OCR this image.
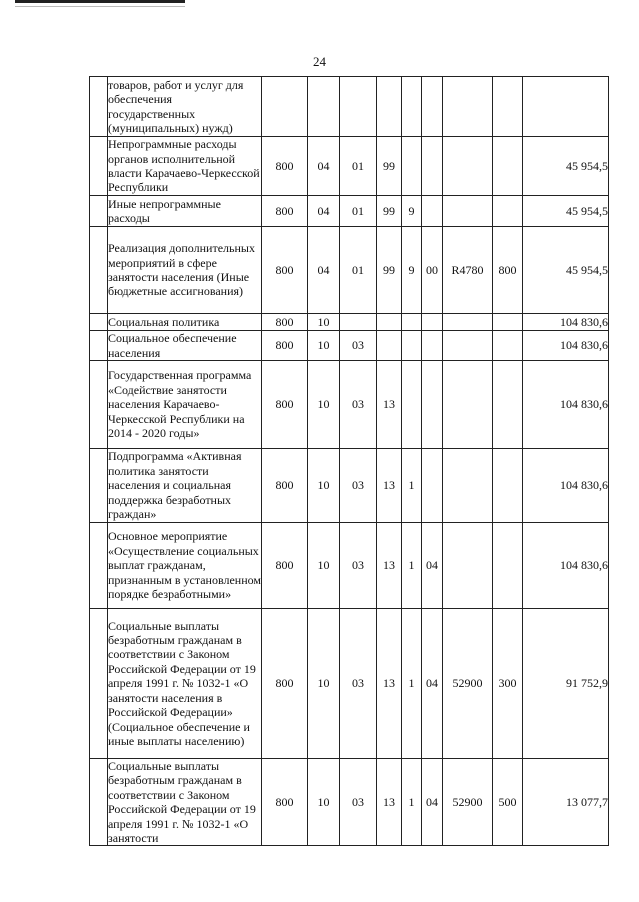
24
	товаров, работ и услуг для обеспечения государственных (муниципальных) нужд)									
	Непрограммные расходы органов исполнительной власти Карачаево-Черкесской Республики	800	04	01	99					45 954,5
	Иные непрограммные расходы	800	04	01	99	9				45 954,5
	Реализация дополнительных мероприятий в сфере занятости населения (Иные бюджетные ассигнования)	800	04	01	99	9	00	R4780	800	45 954,5
	Социальная политика	800	10							104 830,6
	Социальное обеспечение населения	800	10	03						104 830,6
	Государственная программа «Содействие занятости населения Карачаево-Черкесской Республики на 2014 - 2020 годы»	800	10	03	13					104 830,6
	Подпрограмма «Активная политика занятости населения и социальная поддержка безработных граждан»	800	10	03	13	1				104 830,6
	Основное мероприятие «Осуществление социальных выплат гражданам, признанным в установленном порядке безработными»	800	10	03	13	1	04			104 830,6
	Социальные выплаты безработным гражданам в соответствии с Законом Российской Федерации от 19 апреля 1991 г. № 1032-1 «О занятости населения в Российской Федерации» (Социальное обеспечение и иные выплаты населению)	800	10	03	13	1	04	52900	300	91 752,9
	Социальные выплаты безработным гражданам в соответствии с Законом Российской Федерации от 19 апреля 1991 г. № 1032-1 «О занятости	800	10	03	13	1	04	52900	500	13 077,7
